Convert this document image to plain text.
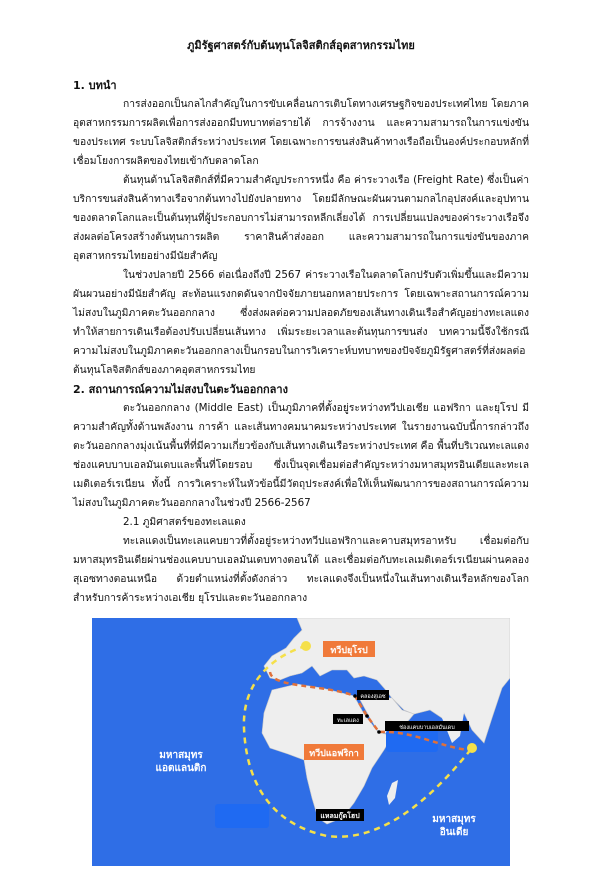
ภูมิรัฐศาสตร์กับต้นทุนโลจิสติกส์อุตสาหกรรมไทย
1. บทนำ

การส่งออกเป็นกลไกสำคัญในการขับเคลื่อนการเติบโตทางเศรษฐกิจของประเทศไทย โดยภาคอุตสาหกรรมการผลิตเพื่อการส่งออกมีบทบาทต่อรายได้ การจ้างงาน และความสามารถในการแข่งขันของประเทศ ระบบโลจิสติกส์ระหว่างประเทศ โดยเฉพาะการขนส่งสินค้าทางเรือถือเป็นองค์ประกอบหลักที่เชื่อมโยงการผลิตของไทยเข้ากับตลาดโลก

ต้นทุนด้านโลจิสติกส์ที่มีความสำคัญประการหนึ่ง คือ ค่าระวางเรือ (Freight Rate) ซึ่งเป็นค่าบริการขนส่งสินค้าทางเรือจากต้นทางไปยังปลายทาง โดยมีลักษณะผันผวนตามกลไกอุปสงค์และอุปทานของตลาดโลกและเป็นต้นทุนที่ผู้ประกอบการไม่สามารถหลีกเลี่ยงได้ การเปลี่ยนแปลงของค่าระวางเรือจึงส่งผลต่อโครงสร้างต้นทุนการผลิต ราคาสินค้าส่งออก และความสามารถในการแข่งขันของภาคอุตสาหกรรมไทยอย่างมีนัยสำคัญ

ในช่วงปลายปี 2566 ต่อเนื่องถึงปี 2567 ค่าระวางเรือในตลาดโลกปรับตัวเพิ่มขึ้นและมีความผันผวนอย่างมีนัยสำคัญ สะท้อนแรงกดดันจากปัจจัยภายนอกหลายประการ โดยเฉพาะสถานการณ์ความไม่สงบในภูมิภาคตะวันออกกลาง ซึ่งส่งผลต่อความปลอดภัยของเส้นทางเดินเรือสำคัญอย่างทะเลแดง ทำให้สายการเดินเรือต้องปรับเปลี่ยนเส้นทาง เพิ่มระยะเวลาและต้นทุนการขนส่ง บทความนี้จึงใช้กรณีความไม่สงบในภูมิภาคตะวันออกกลางเป็นกรอบในการวิเคราะห์บทบาทของปัจจัยภูมิรัฐศาสตร์ที่ส่งผลต่อต้นทุนโลจิสติกส์ของภาคอุตสาหกรรมไทย

2. สถานการณ์ความไม่สงบในตะวันออกกลาง

ตะวันออกกลาง (Middle East) เป็นภูมิภาคที่ตั้งอยู่ระหว่างทวีปเอเชีย แอฟริกา และยุโรป มีความสำคัญทั้งด้านพลังงาน การค้า และเส้นทางคมนาคมระหว่างประเทศ ในรายงานฉบับนี้การกล่าวถึงตะวันออกกลางมุ่งเน้นพื้นที่ที่มีความเกี่ยวข้องกับเส้นทางเดินเรือระหว่างประเทศ คือ พื้นที่บริเวณทะเลแดงช่องแคบบาบเอลมันเดบและพื้นที่โดยรอบ ซึ่งเป็นจุดเชื่อมต่อสำคัญระหว่างมหาสมุทรอินเดียและทะเลเมดิเตอร์เรเนียน ทั้งนี้ การวิเคราะห์ในหัวข้อนี้มีวัตถุประสงค์เพื่อให้เห็นพัฒนาการของสถานการณ์ความไม่สงบในภูมิภาคตะวันออกกลางในช่วงปี 2566-2567

2.1 ภูมิศาสตร์ของทะเลแดง

ทะเลแดงเป็นทะเลแคบยาวที่ตั้งอยู่ระหว่างทวีปแอฟริกาและคาบสมุทรอาหรับ เชื่อมต่อกับมหาสมุทรอินเดียผ่านช่องแคบบาบเอลมันเดบทางตอนใต้ และเชื่อมต่อกับทะเลเมดิเตอร์เรเนียนผ่านคลองสุเอซทางตอนเหนือ ด้วยตำแหน่งที่ตั้งดังกล่าว ทะเลแดงจึงเป็นหนึ่งในเส้นทางเดินเรือหลักของโลก สำหรับการค้าระหว่างเอเชีย ยุโรปและตะวันออกกลาง

ทวีปยุโรป
ทวีปแอฟริกา
คลองสุเอซ
ทะเลแดง
ช่องแคบบาบเอลมันเดบ
แหลมกู๊ดโฮป
มหาสมุทร
แอตแลนติก
มหาสมุทร
อินเดีย
